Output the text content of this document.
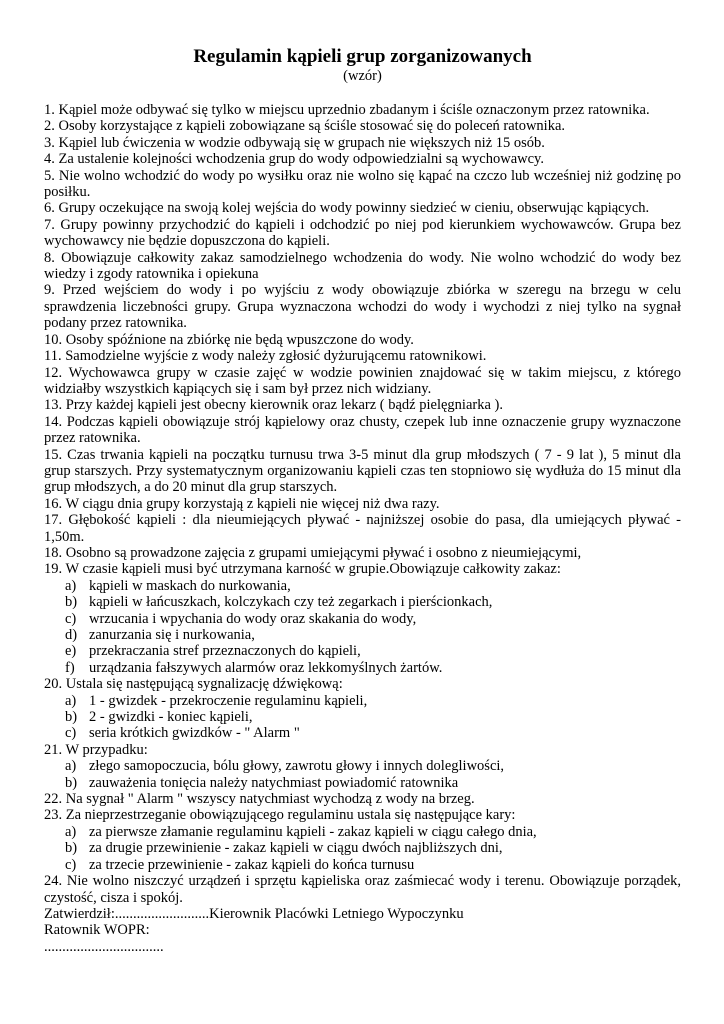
Regulamin kąpieli grup zorganizowanych

(wzór)

1. Kąpiel może odbywać się tylko w miejscu uprzednio zbadanym i ściśle oznaczonym przez ratownika.

2. Osoby korzystające z kąpieli zobowiązane są ściśle stosować się do poleceń ratownika.

3. Kąpiel lub ćwiczenia w wodzie odbywają się w grupach nie większych niż 15 osób.

4. Za ustalenie kolejności wchodzenia grup do wody odpowiedzialni są wychowawcy.

5. Nie wolno wchodzić do wody po wysiłku oraz nie wolno się kąpać na czczo lub wcześniej niż godzinę po posiłku.

6. Grupy oczekujące na swoją kolej wejścia do wody powinny siedzieć w cieniu, obserwując kąpiących.

7. Grupy powinny przychodzić do kąpieli i odchodzić po niej pod kierunkiem wychowawców. Grupa bez wychowawcy nie będzie dopuszczona do kąpieli.

8. Obowiązuje całkowity zakaz samodzielnego wchodzenia do wody. Nie wolno wchodzić do wody bez wiedzy i zgody ratownika i opiekuna

9. Przed wejściem do wody i po wyjściu z wody obowiązuje zbiórka w szeregu na brzegu w celu sprawdzenia liczebności grupy. Grupa wyznaczona wchodzi do wody i wychodzi z niej tylko na sygnał podany przez ratownika.

10. Osoby spóźnione na zbiórkę nie będą wpuszczone do wody.

11. Samodzielne wyjście z wody należy zgłosić dyżurującemu ratownikowi.

12. Wychowawca grupy w czasie zajęć w wodzie powinien znajdować się w takim miejscu, z którego widziałby wszystkich kąpiących się i sam był przez nich widziany.

13. Przy każdej kąpieli jest obecny kierownik oraz lekarz ( bądź pielęgniarka ).

14. Podczas kąpieli obowiązuje strój kąpielowy oraz chusty, czepek lub inne oznaczenie grupy wyznaczone przez ratownika.

15. Czas trwania kąpieli na początku turnusu trwa 3-5 minut dla grup młodszych ( 7 - 9 lat ), 5 minut dla grup starszych. Przy systematycznym organizowaniu kąpieli czas ten stopniowo się wydłuża do 15 minut dla grup młodszych, a do 20 minut dla grup starszych.

16. W ciągu dnia grupy korzystają z kąpieli nie więcej niż dwa razy.

17. Głębokość kąpieli : dla nieumiejących pływać - najniższej osobie do pasa, dla umiejących pływać - 1,50m.

18. Osobno są prowadzone zajęcia z grupami umiejącymi pływać i osobno z nieumiejącymi,

19. W czasie kąpieli musi być utrzymana karność w grupie.Obowiązuje całkowity zakaz:

a) kąpieli w maskach do nurkowania,
b) kąpieli w łańcuszkach, kolczykach czy też zegarkach i pierścionkach,
c) wrzucania i wpychania do wody oraz skakania do wody,
d) zanurzania się i nurkowania,
e) przekraczania stref przeznaczonych do kąpieli,
f) urządzania fałszywych alarmów oraz lekkomyślnych żartów.

20. Ustala się następującą sygnalizację dźwiękową:

a) 1 - gwizdek - przekroczenie regulaminu kąpieli,
b) 2 - gwizdki - koniec kąpieli,
c) seria krótkich gwizdków - " Alarm "

21. W przypadku:

a) złego samopoczucia, bólu głowy, zawrotu głowy i innych dolegliwości,
b) zauważenia tonięcia należy natychmiast powiadomić ratownika

22. Na sygnał " Alarm " wszyscy natychmiast wychodzą z wody na brzeg.

23. Za nieprzestrzeganie obowiązującego regulaminu ustala się następujące kary:

a) za pierwsze złamanie regulaminu kąpieli - zakaz kąpieli w ciągu całego dnia,
b) za drugie przewinienie - zakaz kąpieli w ciągu dwóch najbliższych dni,
c) za trzecie przewinienie - zakaz kąpieli do końca turnusu

24. Nie wolno niszczyć urządzeń i sprzętu kąpieliska oraz zaśmiecać wody i terenu. Obowiązuje porządek, czystość, cisza i spokój.

Zatwierdził:..........................Kierownik Placówki Letniego Wypoczynku

Ratownik WOPR:

.................................
